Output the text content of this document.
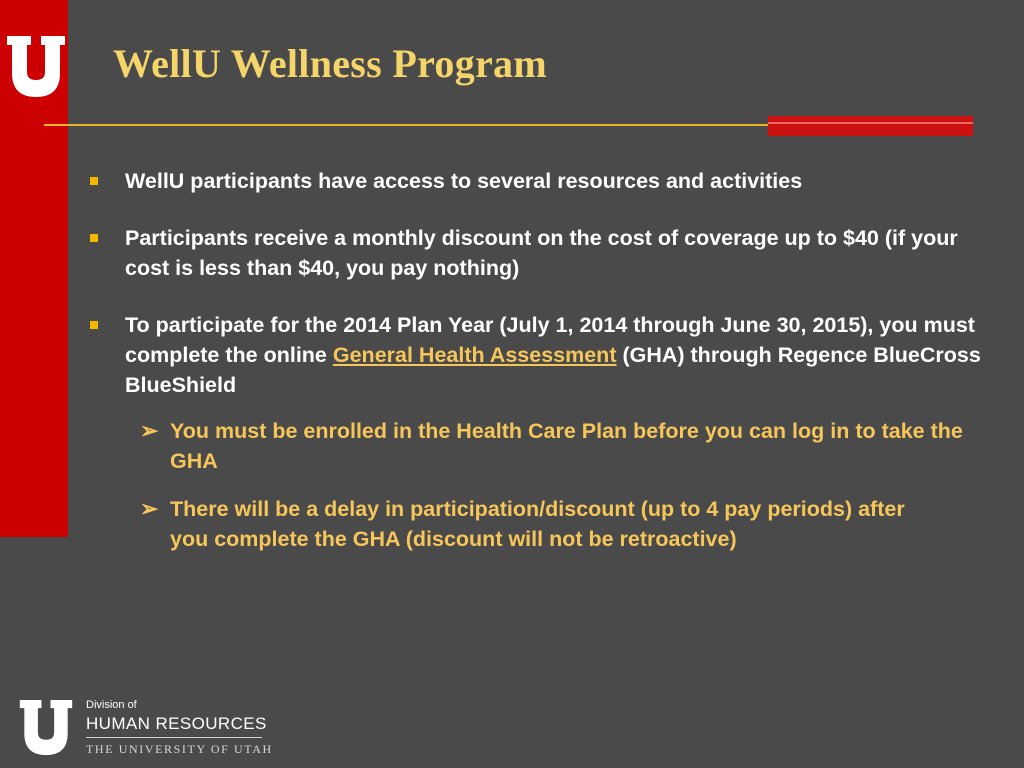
WellU Wellness Program
WellU participants have access to several resources and activities
Participants receive a monthly discount on the cost of coverage up to $40 (if your cost is less than $40, you pay nothing)
To participate for the 2014 Plan Year (July 1, 2014 through June 30, 2015), you must complete the online General Health Assessment (GHA) through Regence BlueCross BlueShield
➢ You must be enrolled in the Health Care Plan before you can log in to take the GHA
➢ There will be a delay in participation/discount (up to 4 pay periods) after you complete the GHA (discount will not be retroactive)
Division of
HUMAN RESOURCES
THE UNIVERSITY OF UTAH
